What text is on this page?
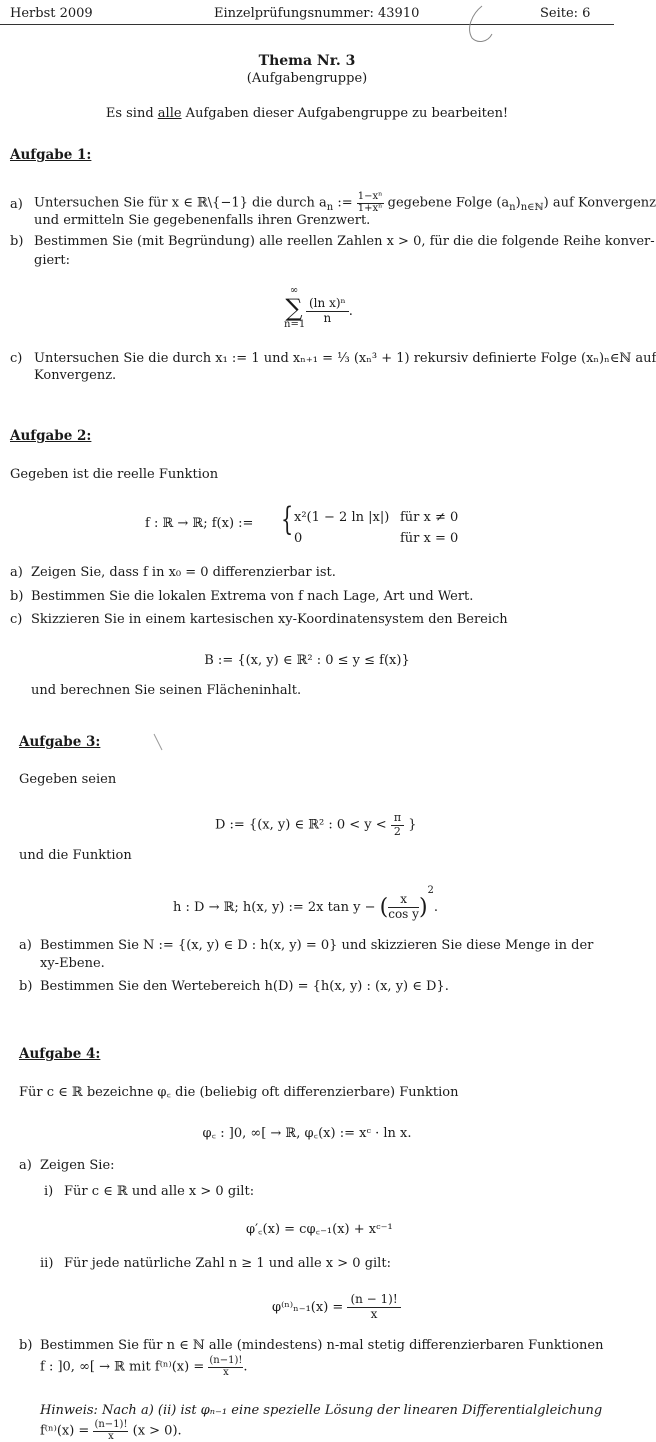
Herbst 2009	Einzelprüfungsnummer: 43910	Seite: 6
Thema Nr. 3
(Aufgabengruppe)
Es sind alle Aufgaben dieser Aufgabengruppe zu bearbeiten!
Aufgabe 1:
a) Untersuchen Sie für x ∈ ℝ\{−1} die durch $a_n$ := $\frac{\text{1−xⁿ}}{\text{1+xⁿ}}$ gegebene Folge $(a_n)_{n\in ℕ}$) auf Konvergenz
und ermitteln Sie gegebenenfalls ihren Grenzwert.
b) Bestimmen Sie (mit Begründung) alle reellen Zahlen x > 0, für die die folgende Reihe konver-
giert:
∞
∑
$n=1 \frac{\text{(ln x)ⁿ}}{n}$ .
c) Untersuchen Sie die durch x₁ := 1 und xₙ₊₁ = ⅓ (xₙ³ + 1) rekursiv definierte Folge (xₙ)ₙ∈ℕ auf
Konvergenz.
Aufgabe 2:
Gegeben ist die reelle Funktion
f : ℝ → ℝ; f(x) := { x²(1 − 2 ln |x|) für x ≠ 0
0	für x = 0
a) Zeigen Sie, dass f in x₀ = 0 differenzierbar ist.
b) Bestimmen Sie die lokalen Extrema von f nach Lage, Art und Wert.
c) Skizzieren Sie in einem kartesischen xy-Koordinatensystem den Bereich
B := {(x, y) ∈ ℝ² : 0 ≤ y ≤ f(x)}
und berechnen Sie seinen Flächeninhalt.
Aufgabe 3:
Gegeben seien
D := {(x, y) ∈ ℝ² : $0 < y < \frac{\pi}{2}$ }
und die Funktion
h : D → ℝ; h(x, y) := 2x tan y − ( $\frac{x}{\text{cos y}} )^2$.
a) Bestimmen Sie N := {(x, y) ∈ D : h(x, y) = 0} und skizzieren Sie diese Menge in der
xy-Ebene.
b) Bestimmen Sie den Wertebereich h(D) = {h(x, y) : (x, y) ∈ D}.
Aufgabe 4:
Für c ∈ ℝ bezeichne φ꜀ die (beliebig oft differenzierbare) Funktion
φ꜀ : ]0, ∞[ → ℝ, φ꜀(x) := xᶜ · ln x.
a) Zeigen Sie:
i) Für c ∈ ℝ und alle x > 0 gilt:
φ′꜀(x) = cφ꜀₋₁(x) + xᶜ⁻¹
ii) Für jede natürliche Zahl n ≥ 1 und alle x > 0 gilt:
$\varphi^{(n)}_{n-1}(x) = \frac{(n - 1)!}{x}$
b) Bestimmen Sie für n ∈ ℕ alle (mindestens) n-mal stetig differenzierbaren Funktionen
f : ]0, ∞[ → ℝ mit $f^{(n)}(x) = \frac{(n-1)!}{x}$ .
Hinweis: Nach a) (ii) ist φₙ₋₁ eine spezielle Lösung der linearen Differentialgleichung
$f^{(n)}(x) = \frac{(n-1)!}{x} (x > 0)$.
